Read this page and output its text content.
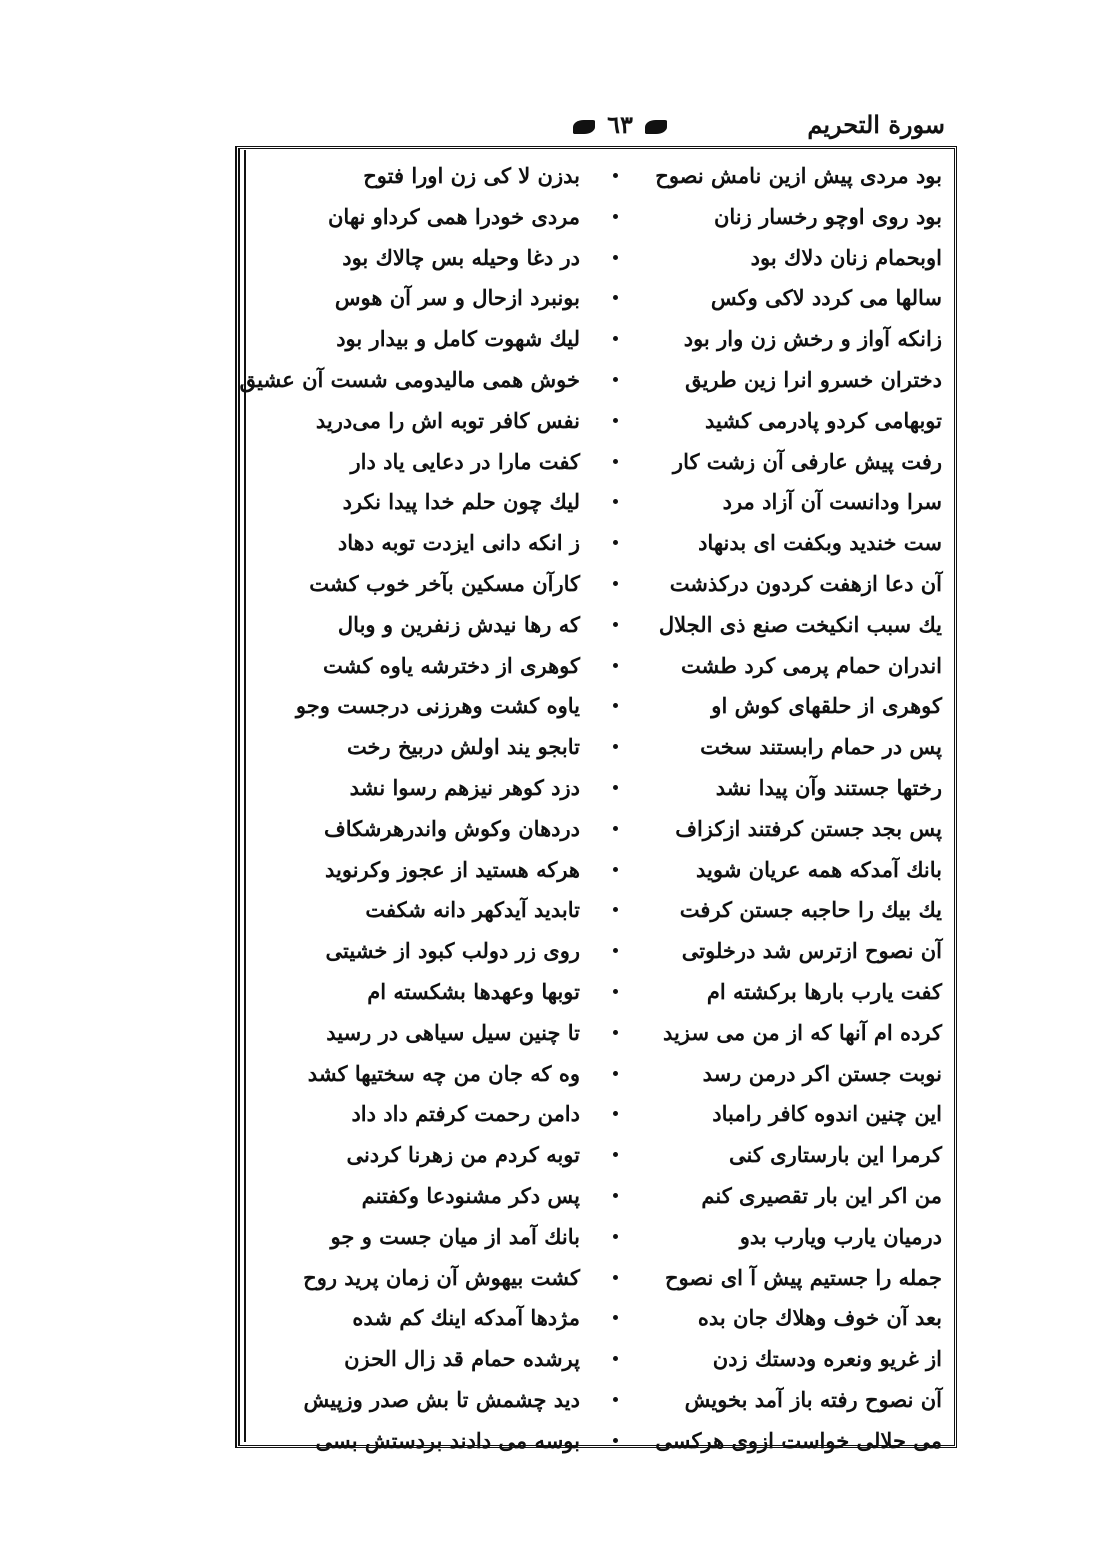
٦٣	سورة التحريم
بود مردی پیش ازین نامش نصوح
بدزن لا كی زن اورا فتوح
بود روی اوچو رخسار زنان
مردی خودرا همی کرداو نهان
اوبحمام زنان دلاك بود
در دغا وحیله بس چالاك بود
سالها می کردد لاکی وکس
بونبرد ازحال و سر آن هوس
زانکه آواز و رخش زن وار بود
لیك شهوت کامل و بیدار بود
دختران خسرو انرا زین طریق
خوش همی مالیدومی شست آن عشیق
توبهامی کردو پادرمی کشید
نفس کافر توبه اش را می‌درید
رفت پیش عارفی آن زشت کار
کفت مارا در دعایی یاد دار
سرا ودانست آن آزاد مرد
لیك چون حلم خدا پیدا نکرد
ست خندید وبکفت ای بدنهاد
ز انکه دانی ایزدت توبه دهاد
آن دعا ازهفت کردون درکذشت
کارآن مسکین بآخر خوب کشت
یك سبب انکیخت صنع ذی الجلال
که رها نیدش زنفرین و وبال
اندران حمام پرمی کرد طشت
کوهری از دخترشه یاوه کشت
کوهری از حلقهای کوش او
یاوه کشت وهرزنی درجست وجو
پس در حمام رابستند سخت
تابجو یند اولش دربیخ رخت
رختها جستند وآن پیدا نشد
دزد کوهر نیزهم رسوا نشد
پس بجد جستن کرفتند ازکزاف
دردهان وکوش واندرهرشکاف
بانك آمدکه همه عریان شوید
هرکه هستید از عجوز وکرنوید
یك بیك را حاجبه جستن کرفت
تابدید آیدکهر دانه شکفت
آن نصوح ازترس شد درخلوتی
روی زر دولب کبود از خشیتی
کفت یارب بارها برکشته ام
توبها وعهدها بشکسته ام
کرده ام آنها که از من می سزید
تا چنین سیل سیاهی در رسید
نوبت جستن اکر درمن رسد
وه که جان من چه سختیها کشد
این چنین اندوه کافر رامباد
دامن رحمت کرفتم داد داد
کرمرا این بارستاری کنی
توبه کردم من زهرنا کردنی
من اکر این بار تقصیری کنم
پس دکر مشنودعا وکفتنم
درمیان یارب ویارب بدو
بانك آمد از میان جست و جو
جمله را جستیم پیش آ ای نصوح
کشت بیهوش آن زمان پرید روح
بعد آن خوف وهلاك جان بده
مژدها آمدکه اینك کم شده
از غریو ونعره ودستك زدن
پرشده حمام قد زال الحزن
آن نصوح رفته باز آمد بخویش
دید چشمش تا بش صدر وزپیش
می حلالی خواست ازوی هرکسی
بوسه می دادند بردستش بسی
